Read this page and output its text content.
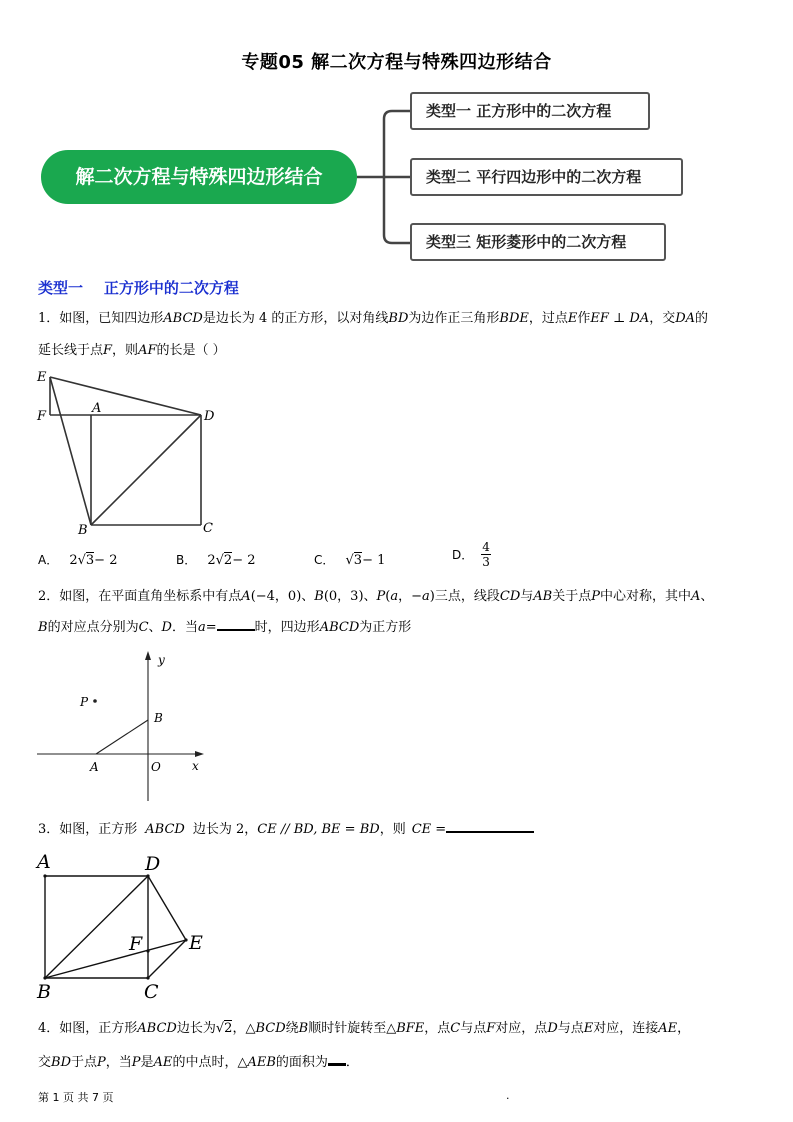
专题05 解二次方程与特殊四边形结合
解二次方程与特殊四边形结合
类型一 正方形中的二次方程
类型二 平行四边形中的二次方程
类型三 矩形菱形中的二次方程
类型一    正方形中的二次方程
1．如图，已知四边形ABCD是边长为 4 的正方形，以对角线BD为边作正三角形BDE，过点E作EF ⊥ DA，交DA的
延长线于点F，则AF的长是（ ）
E
F
A
D
B	C
A． 2√3− 2	B． 2√2− 2	C． √3− 1	D． $\frac{4}{3}$
2．如图，在平面直角坐标系中有点A(−4，0)、B(0，3)、P(a，−a)三点，线段CD与AB关于点P中心对称，其中A、
B的对应点分别为C、D．当a=	时，四边形ABCD为正方形
y
P
B
A	O	x
3．如图，正方形 ABCD 边长为 2，CE // BD, BE = BD，则 CE =
A	D
F E
B	C
4．如图，正方形ABCD边长为√2，△BCD绕B顺时针旋转至△BFE，点C与点F对应，点D与点E对应，连接AE，
交BD于点P，当P是AE的中点时，△AEB的面积为 ．
第 1 页 共 7 页	.
